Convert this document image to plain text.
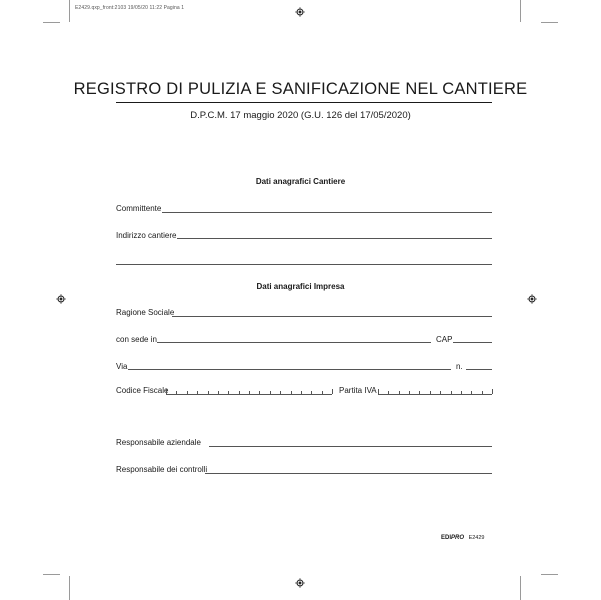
E2429.qxp_front:2103 19/05/20 11:22 Pagina 1
REGISTRO DI PULIZIA E SANIFICAZIONE NEL CANTIERE
D.P.C.M. 17 maggio 2020 (G.U. 126 del 17/05/2020)
Dati anagrafici Cantiere
Committente
Indirizzo cantiere
Dati anagrafici Impresa
Ragione Sociale
con sede in	CAP
Via	n.
Codice Fiscale	Partita IVA
Responsabile aziendale
Responsabile dei controlli
EDIPRO E2429
